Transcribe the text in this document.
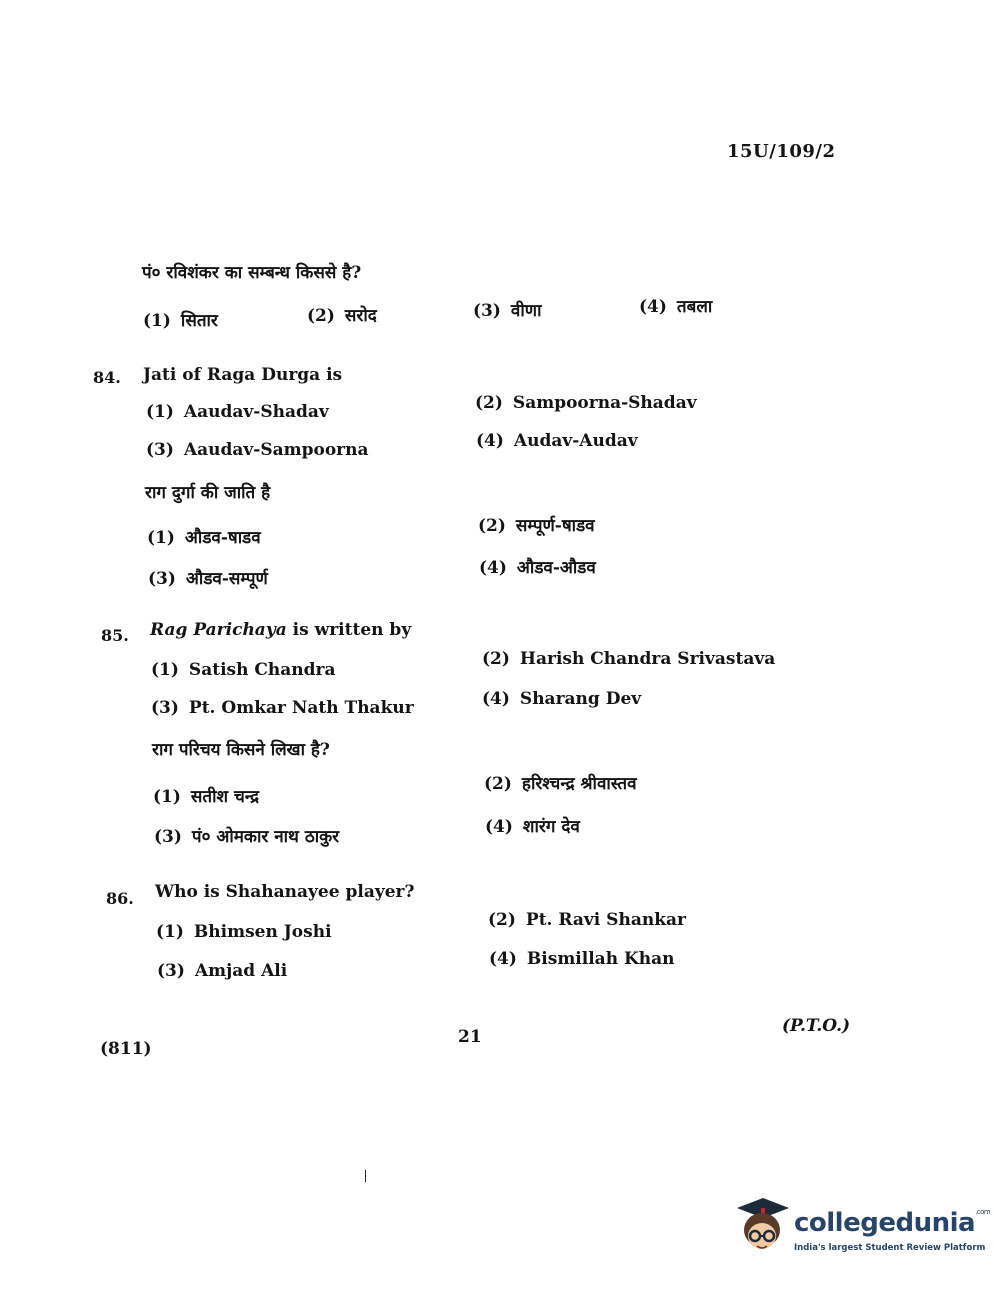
15U/109/2
पं० रविशंकर का सम्बन्ध किससे है?
(1) सितार	(2) सरोद	(3) वीणा	(4) तबला
84. Jati of Raga Durga is
(1) Aaudav-Shadav	(2) Sampoorna-Shadav
(3) Aaudav-Sampoorna	(4) Audav-Audav
राग दुर्गा की जाति है
(1) औडव-षाडव
(2) सम्पूर्ण-षाडव
(3) औडव-सम्पूर्ण
(4) औडव-औडव
85. Rag Parichaya is written by
(1) Satish Chandra
(2) Harish Chandra Srivastava
(3) Pt. Omkar Nath Thakur	(4) Sharang Dev
राग परिचय किसने लिखा है?
(1) सतीश चन्द्र
(2) हरिश्चन्द्र श्रीवास्तव
(3) पं० ओमकार नाथ ठाकुर	(4) शारंग देव
86. Who is Shahanayee player?
(1) Bhimsen Joshi
(2) Pt. Ravi Shankar
(3) Amjad Ali
(4) Bismillah Khan
(P.T.O.)
21
(811)
collegedunia$^{.com}$
India's largest Student Review Platform
